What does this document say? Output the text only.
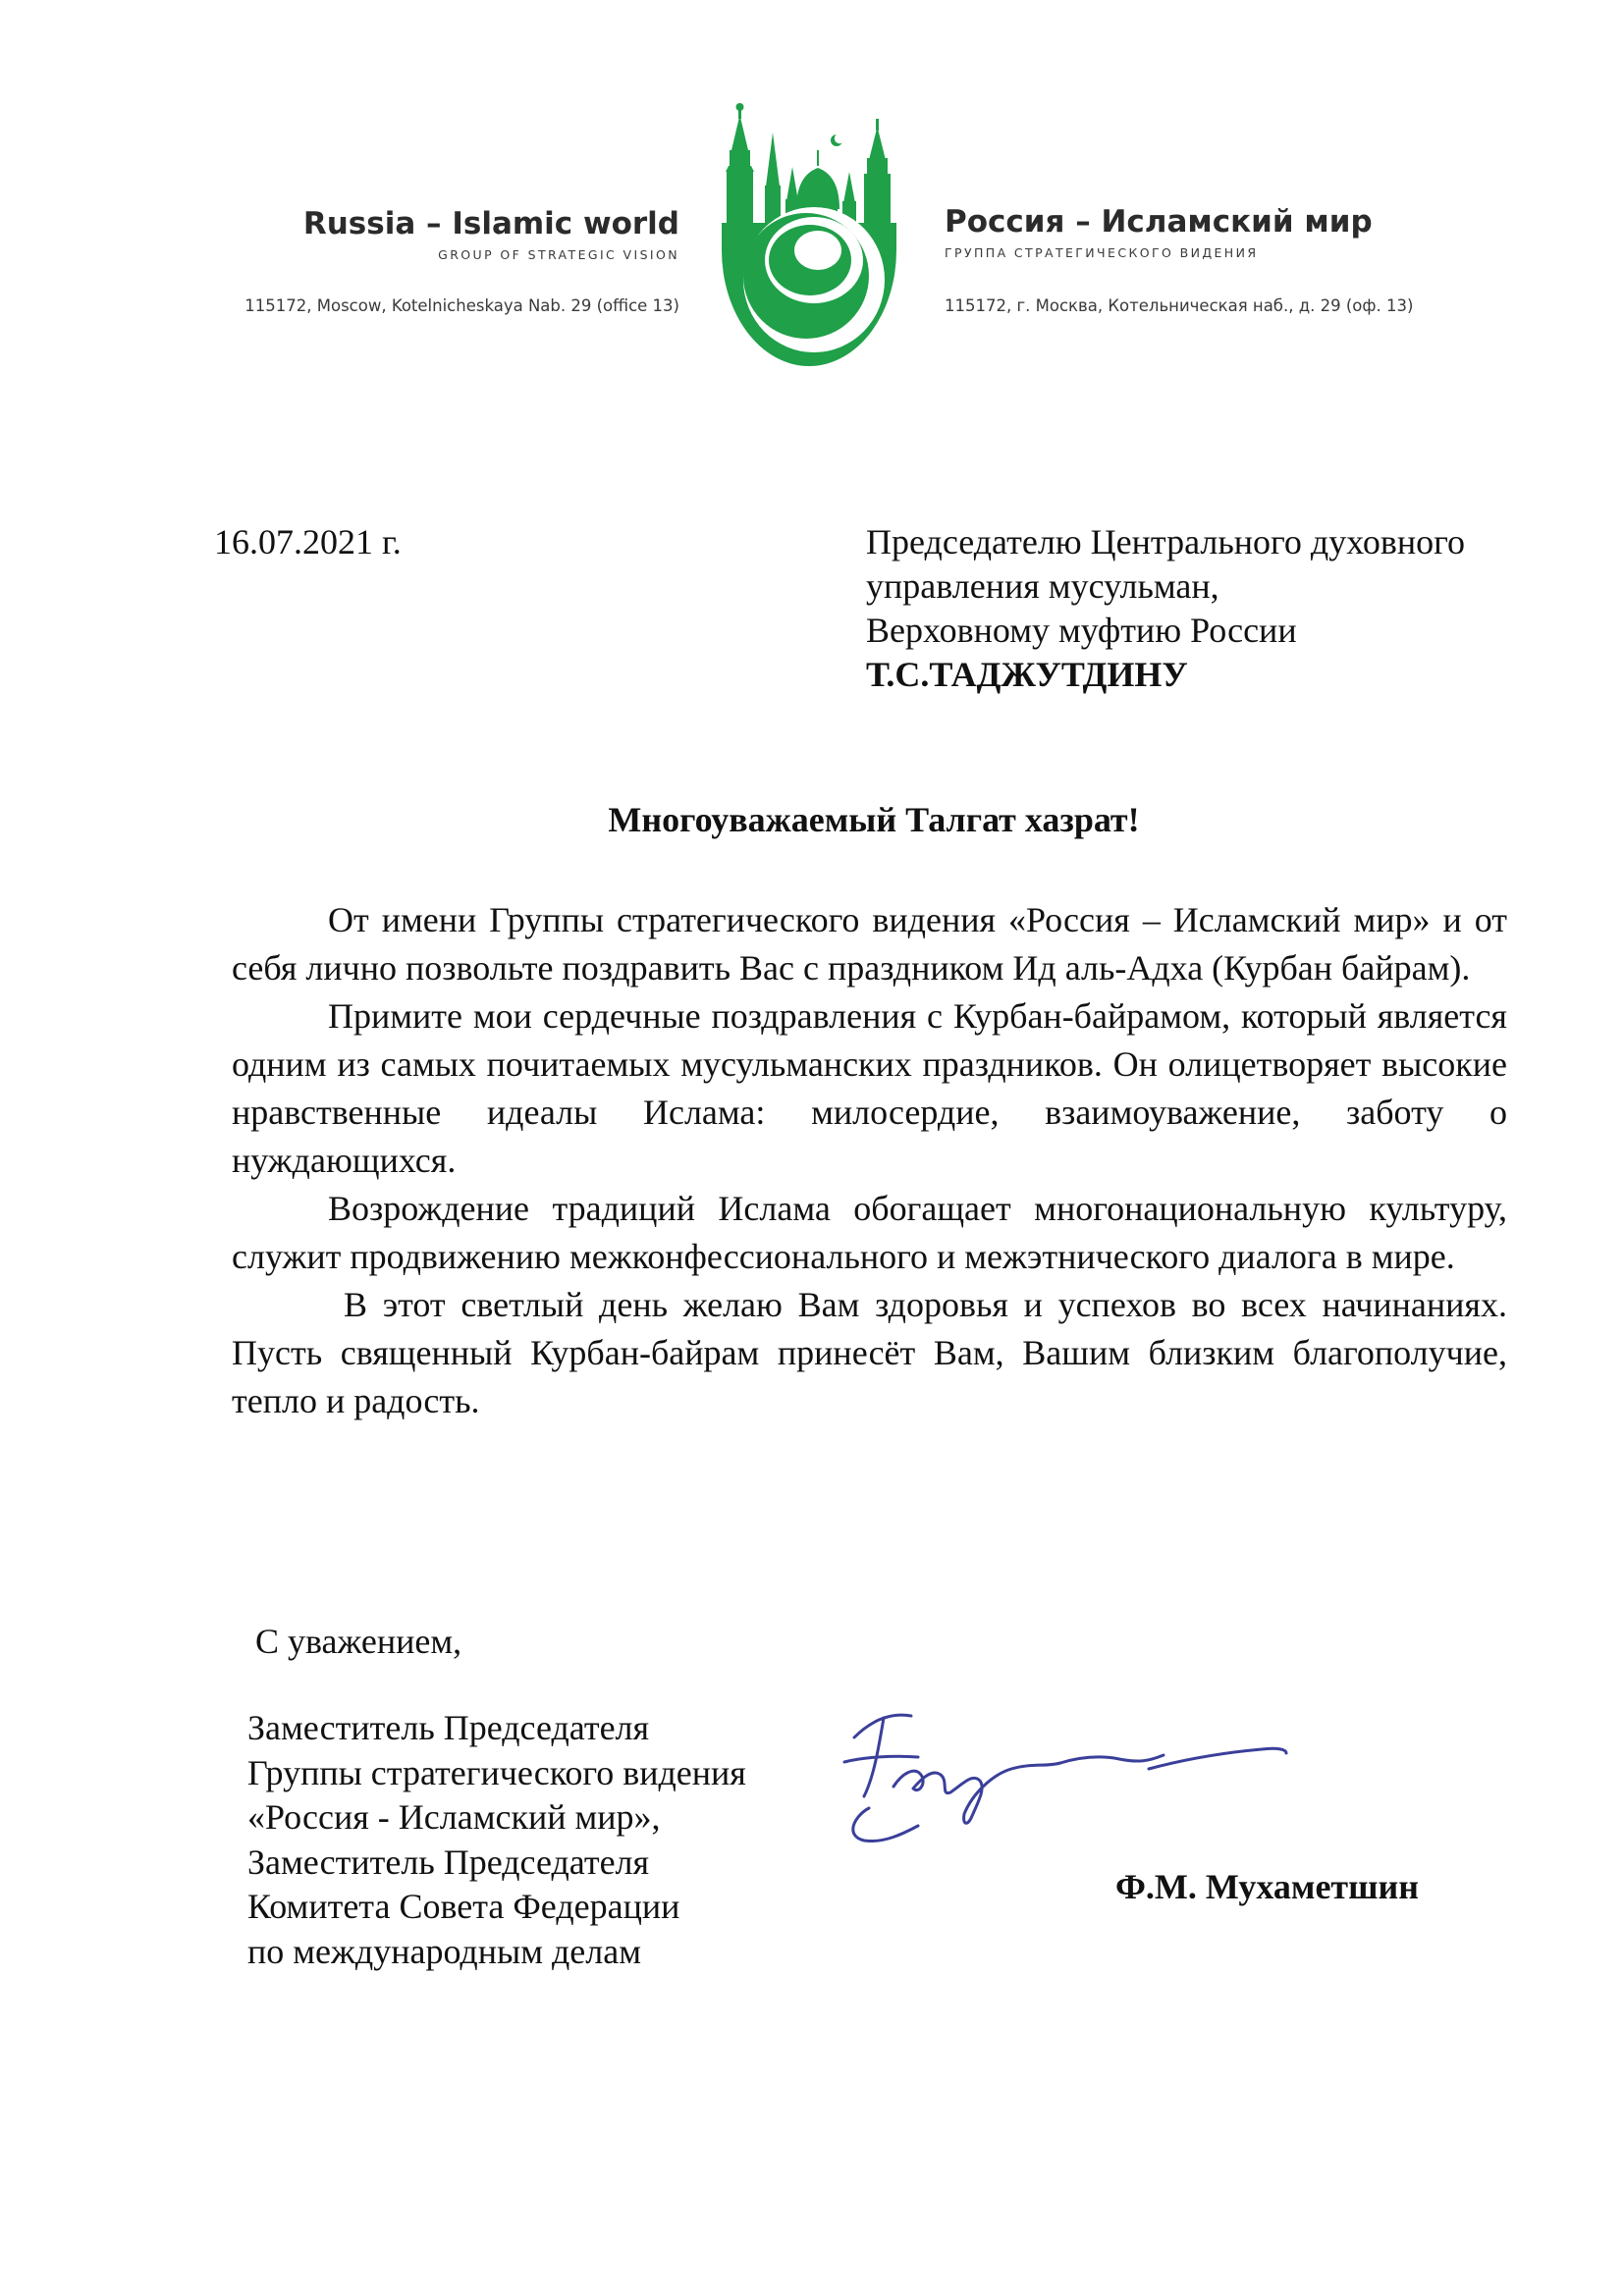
Russia – Islamic world
GROUP OF STRATEGIC VISION
115172, Moscow, Kotelnicheskaya Nab. 29 (office 13)
Россия – Исламский мир
ГРУППА СТРАТЕГИЧЕСКОГО ВИДЕНИЯ
115172, г. Москва, Котельническая наб., д. 29 (оф. 13)
16.07.2021 г.	Председателю Центрального духовного
управления мусульман,
Верховному муфтию России
Т.С.ТАДЖУТДИНУ
Многоуважаемый Талгат хазрат!
От имени Группы стратегического видения «Россия – Исламский мир» и от себя лично позвольте поздравить Вас с праздником Ид аль-Адха (Курбан байрам).
Примите мои сердечные поздравления с Курбан-байрамом, который является одним из самых почитаемых мусульманских праздников. Он олицетворяет высокие нравственные идеалы Ислама: милосердие, взаимоуважение, заботу о нуждающихся.
Возрождение традиций Ислама обогащает многонациональную культуру, служит продвижению межконфессионального и межэтнического диалога в мире.
В этот светлый день желаю Вам здоровья и успехов во всех начинаниях. Пусть священный Курбан-байрам принесёт Вам, Вашим близким благополучие, тепло и радость.
С уважением,
Заместитель Председателя
Группы стратегического видения
«Россия - Исламский мир»,
Заместитель Председателя
Комитета Совета Федерации
по международным делам
Ф.М. Мухаметшин
